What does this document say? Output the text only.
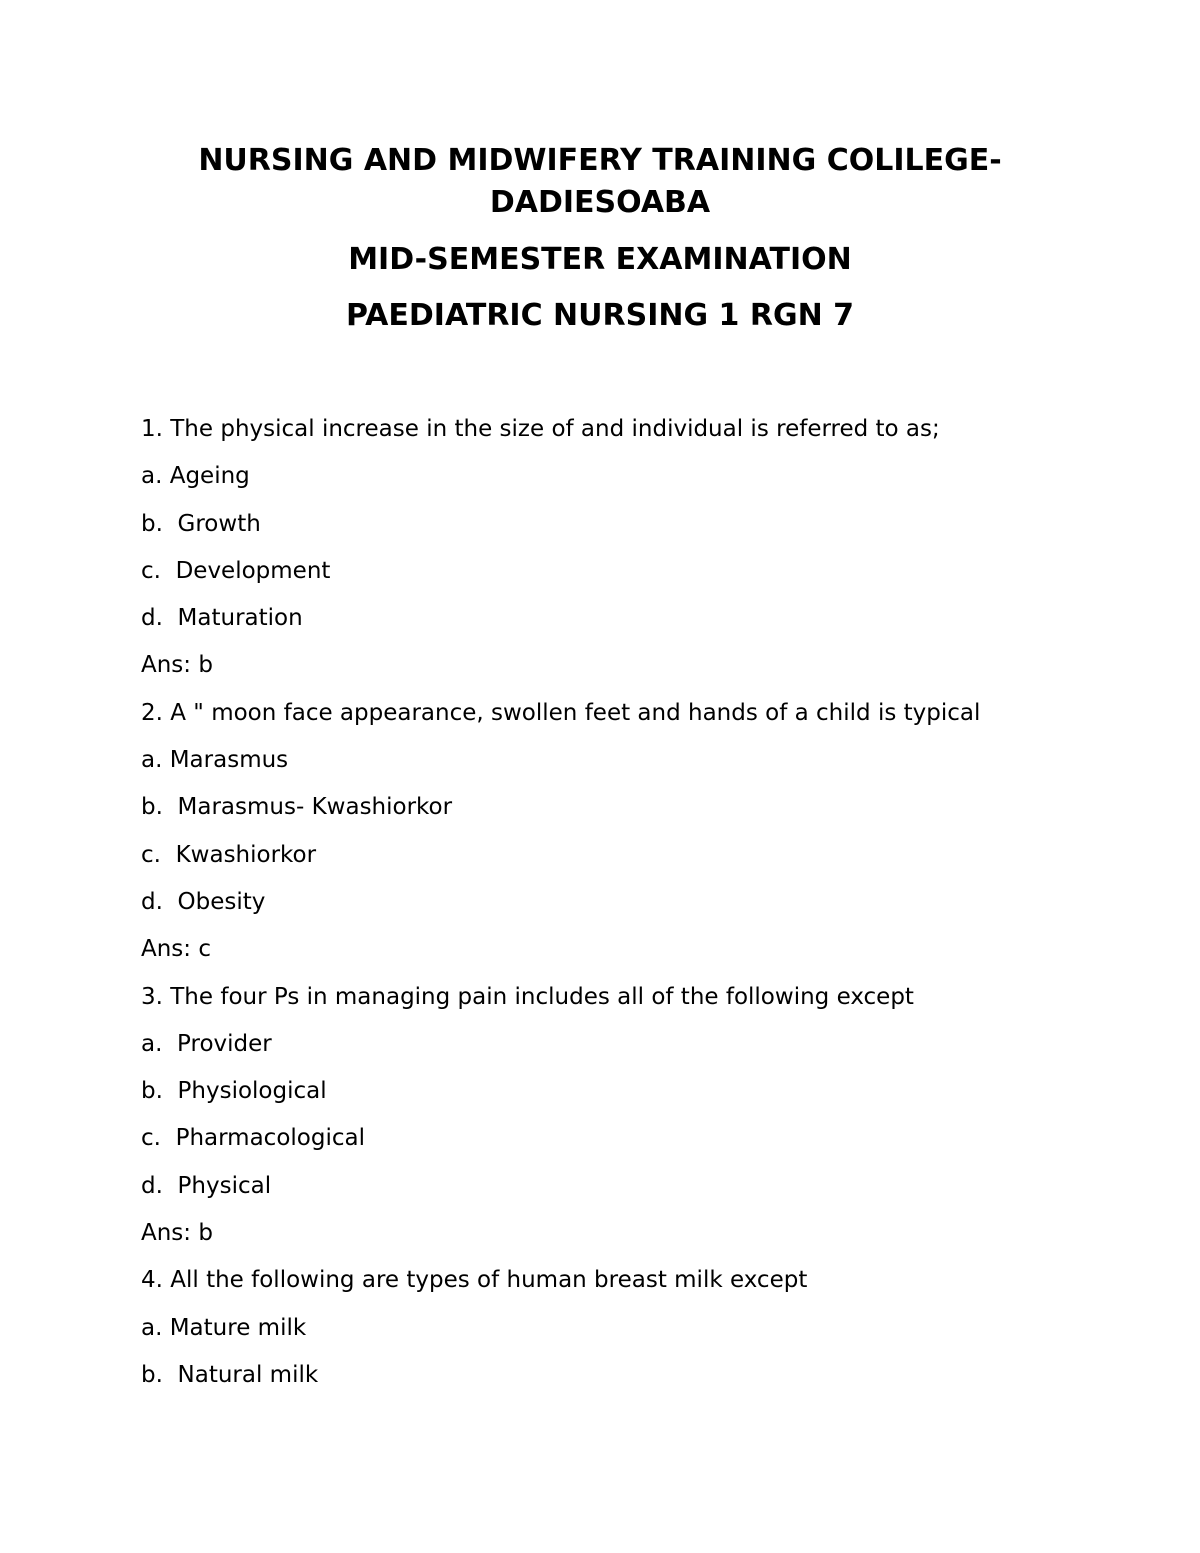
NURSING AND MIDWIFERY TRAINING COLILEGE-
DADIESOABA
MID-SEMESTER EXAMINATION
PAEDIATRIC NURSING 1 RGN 7
1. The physical increase in the size of and individual is referred to as;
a. Ageing
b.  Growth
c.  Development
d.  Maturation
Ans: b
2. A " moon face appearance, swollen feet and hands of a child is typical
a. Marasmus
b.  Marasmus- Kwashiorkor
c.  Kwashiorkor
d.  Obesity
Ans: c
3. The four Ps in managing pain includes all of the following except
a.  Provider
b.  Physiological
c.  Pharmacological
d.  Physical
Ans: b
4. All the following are types of human breast milk except
a. Mature milk
b.  Natural milk
